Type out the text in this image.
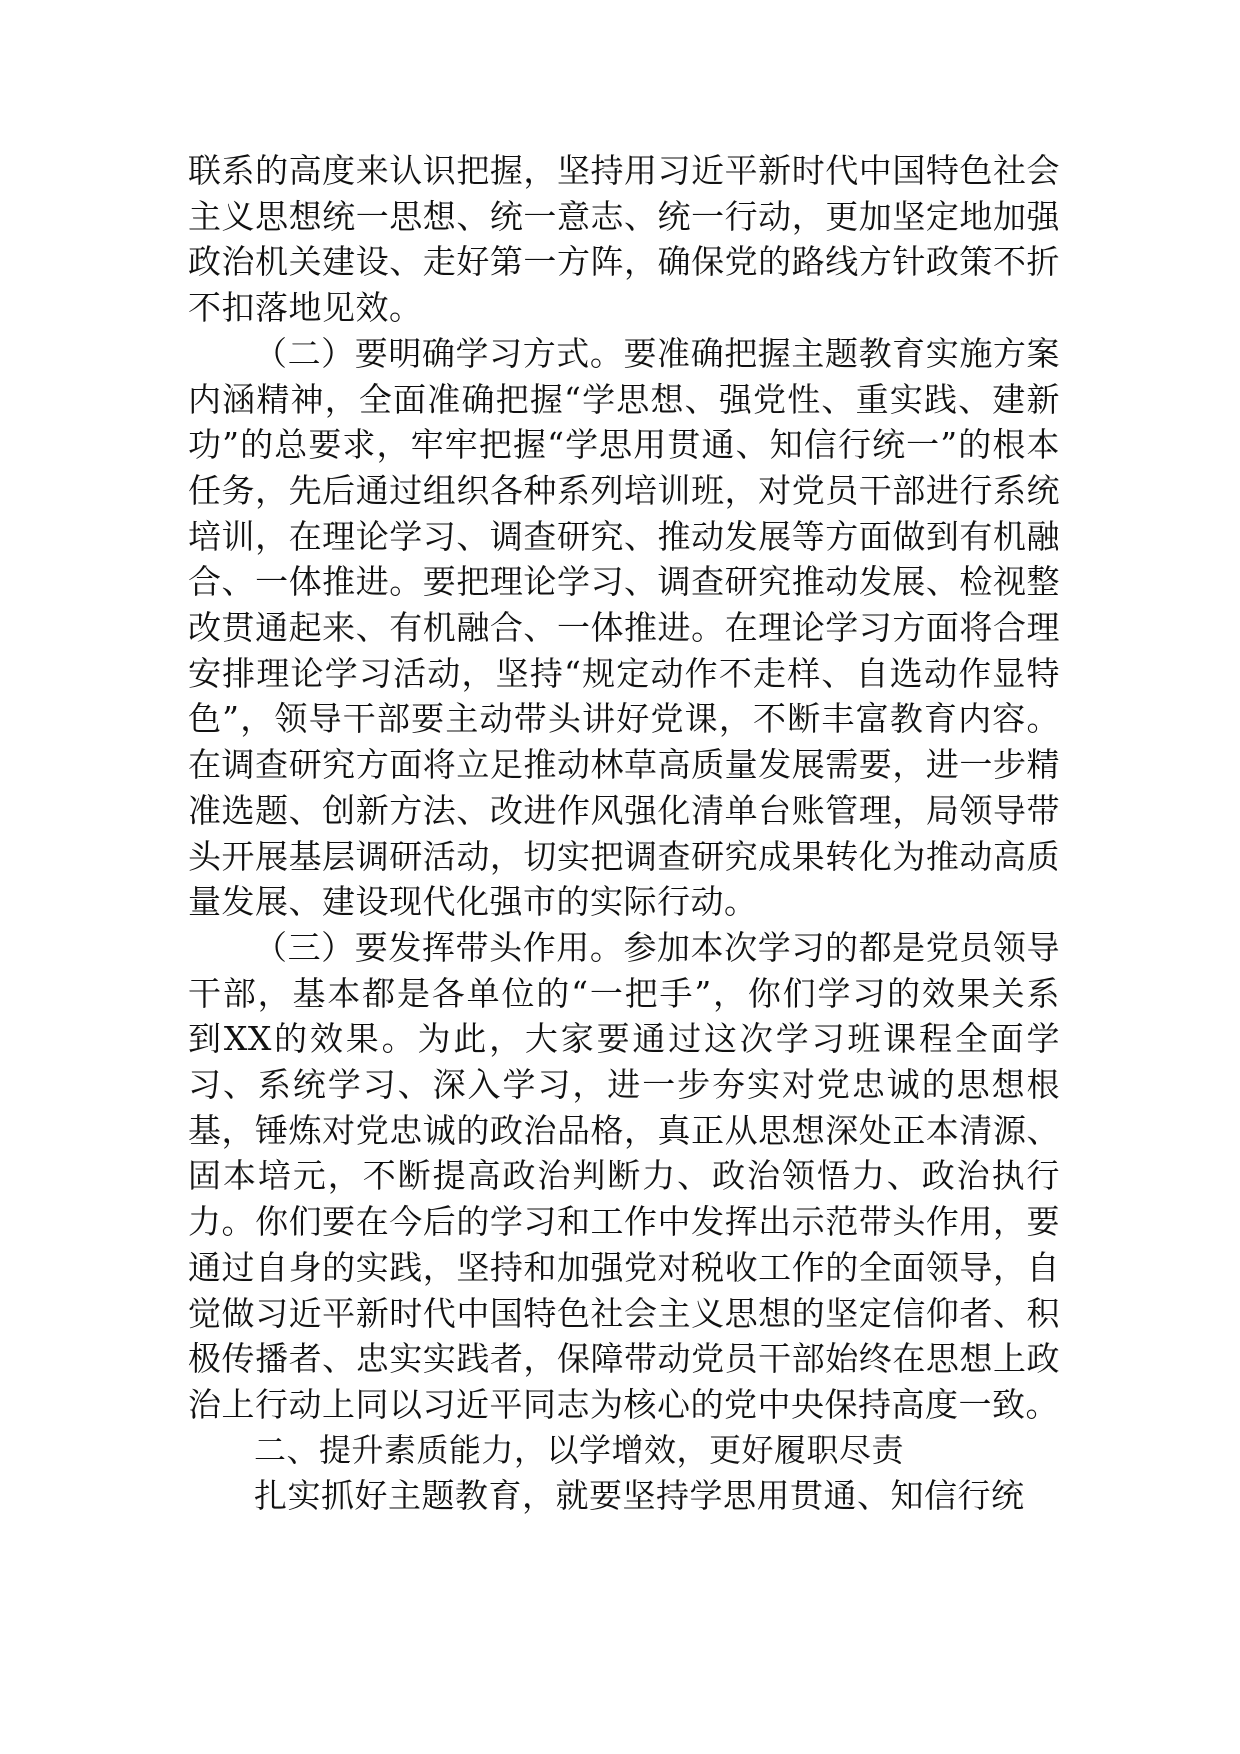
联系的高度来认识把握，坚持用习近平新时代中国特色社会主义思想统一思想、统一意志、统一行动，更加坚定地加强政治机关建设、走好第一方阵，确保党的路线方针政策不折不扣落地见效。

（二）要明确学习方式。要准确把握主题教育实施方案内涵精神，全面准确把握“学思想、强党性、重实践、建新功”的总要求，牢牢把握“学思用贯通、知信行统一”的根本任务，先后通过组织各种系列培训班，对党员干部进行系统培训，在理论学习、调查研究、推动发展等方面做到有机融合、一体推进。要把理论学习、调查研究推动发展、检视整改贯通起来、有机融合、一体推进。在理论学习方面将合理安排理论学习活动，坚持“规定动作不走样、自选动作显特色”，领导干部要主动带头讲好党课，不断丰富教育内容。在调查研究方面将立足推动林草高质量发展需要，进一步精准选题、创新方法、改进作风强化清单台账管理，局领导带头开展基层调研活动，切实把调查研究成果转化为推动高质量发展、建设现代化强市的实际行动。

（三）要发挥带头作用。参加本次学习的都是党员领导干部，基本都是各单位的“一把手”，你们学习的效果关系到XX的效果。为此，大家要通过这次学习班课程全面学习、系统学习、深入学习，进一步夯实对党忠诚的思想根基，锤炼对党忠诚的政治品格，真正从思想深处正本清源、固本培元，不断提高政治判断力、政治领悟力、政治执行力。你们要在今后的学习和工作中发挥出示范带头作用，要通过自身的实践，坚持和加强党对税收工作的全面领导，自觉做习近平新时代中国特色社会主义思想的坚定信仰者、积极传播者、忠实实践者，保障带动党员干部始终在思想上政治上行动上同以习近平同志为核心的党中央保持高度一致。

二、提升素质能力，以学增效，更好履职尽责

扎实抓好主题教育，就要坚持学思用贯通、知信行统
